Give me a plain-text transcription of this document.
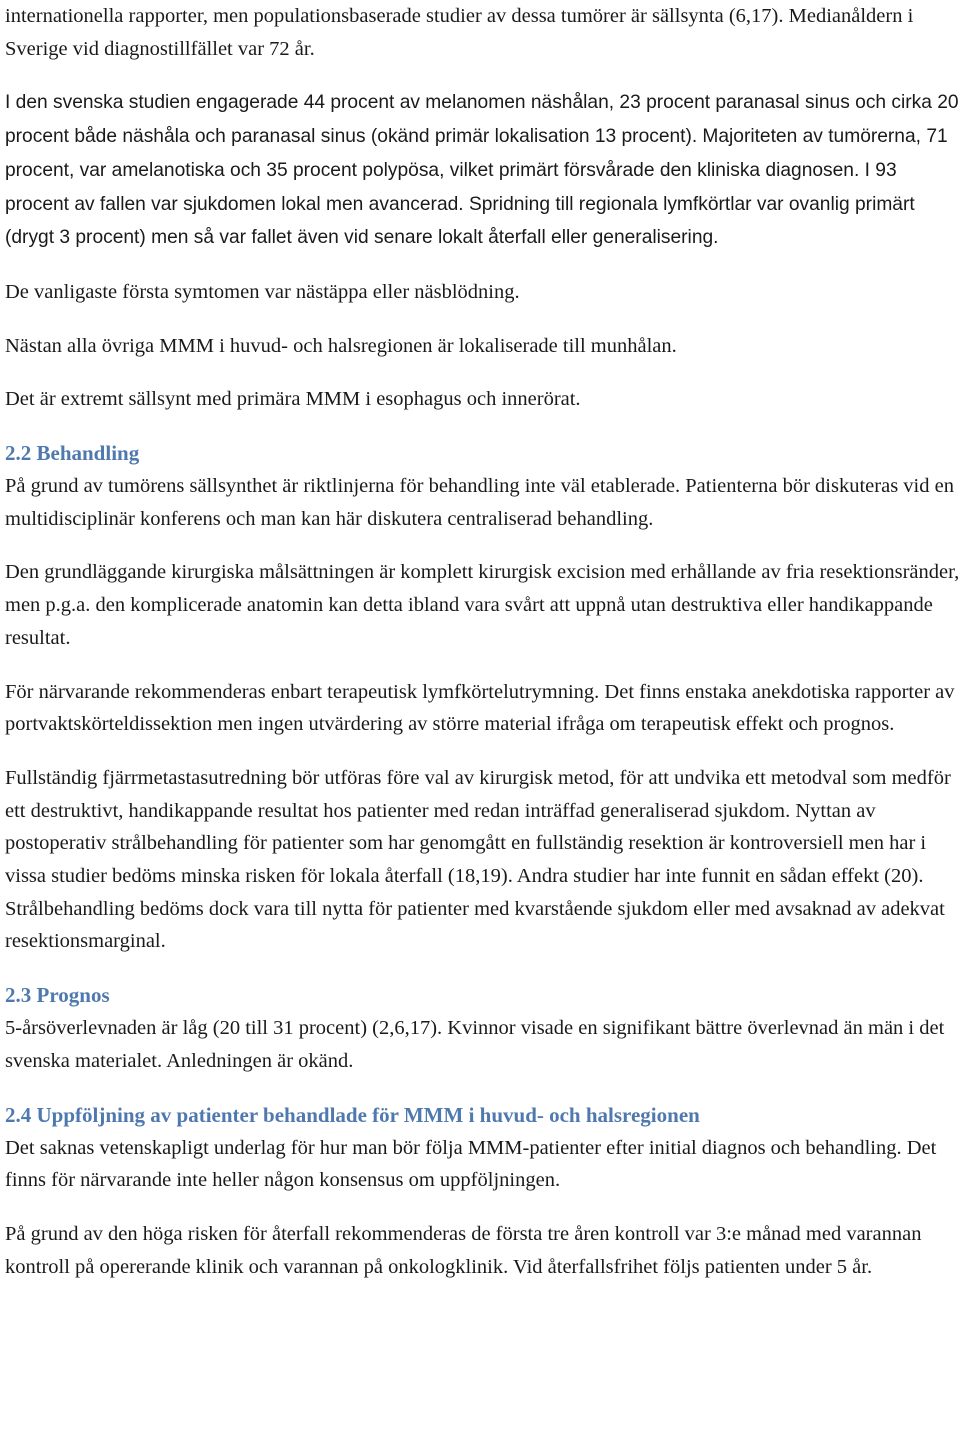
internationella rapporter, men populationsbaserade studier av dessa tumörer är sällsynta (6,17). Medianåldern i Sverige vid diagnostillfället var 72 år.

I den svenska studien engagerade 44 procent av melanomen näshålan, 23 procent paranasal sinus och cirka 20 procent både näshåla och paranasal sinus (okänd primär lokalisation 13 procent). Majoriteten av tumörerna, 71 procent, var amelanotiska och 35 procent polypösa, vilket primärt försvårade den kliniska diagnosen. I 93 procent av fallen var sjukdomen lokal men avancerad. Spridning till regionala lymfkörtlar var ovanlig primärt (drygt 3 procent) men så var fallet även vid senare lokalt återfall eller generalisering.

De vanligaste första symtomen var nästäppa eller näsblödning.

Nästan alla övriga MMM i huvud- och halsregionen är lokaliserade till munhålan.

Det är extremt sällsynt med primära MMM i esophagus och innerörat.

2.2 Behandling

På grund av tumörens sällsynthet är riktlinjerna för behandling inte väl etablerade. Patienterna bör diskuteras vid en multidisciplinär konferens och man kan här diskutera centraliserad behandling.

Den grundläggande kirurgiska målsättningen är komplett kirurgisk excision med erhållande av fria resektionsränder, men p.g.a. den komplicerade anatomin kan detta ibland vara svårt att uppnå utan destruktiva eller handikappande resultat.

För närvarande rekommenderas enbart terapeutisk lymfkörtelutrymning. Det finns enstaka anekdotiska rapporter av portvaktskörteldissektion men ingen utvärdering av större material ifråga om terapeutisk effekt och prognos.

Fullständig fjärrmetastasutredning bör utföras före val av kirurgisk metod, för att undvika ett metodval som medför ett destruktivt, handikappande resultat hos patienter med redan inträffad generaliserad sjukdom. Nyttan av postoperativ strålbehandling för patienter som har genomgått en fullständig resektion är kontroversiell men har i vissa studier bedöms minska risken för lokala återfall (18,19). Andra studier har inte funnit en sådan effekt (20). Strålbehandling bedöms dock vara till nytta för patienter med kvarstående sjukdom eller med avsaknad av adekvat resektionsmarginal.

2.3 Prognos

5-årsöverlevnaden är låg (20 till 31 procent) (2,6,17). Kvinnor visade en signifikant bättre överlevnad än män i det svenska materialet. Anledningen är okänd.

2.4 Uppföljning av patienter behandlade för MMM i huvud- och halsregionen

Det saknas vetenskapligt underlag för hur man bör följa MMM-patienter efter initial diagnos och behandling. Det finns för närvarande inte heller någon konsensus om uppföljningen.

På grund av den höga risken för återfall rekommenderas de första tre åren kontroll var 3:e månad med varannan kontroll på opererande klinik och varannan på onkologklinik. Vid återfallsfrihet följs patienten under 5 år.
